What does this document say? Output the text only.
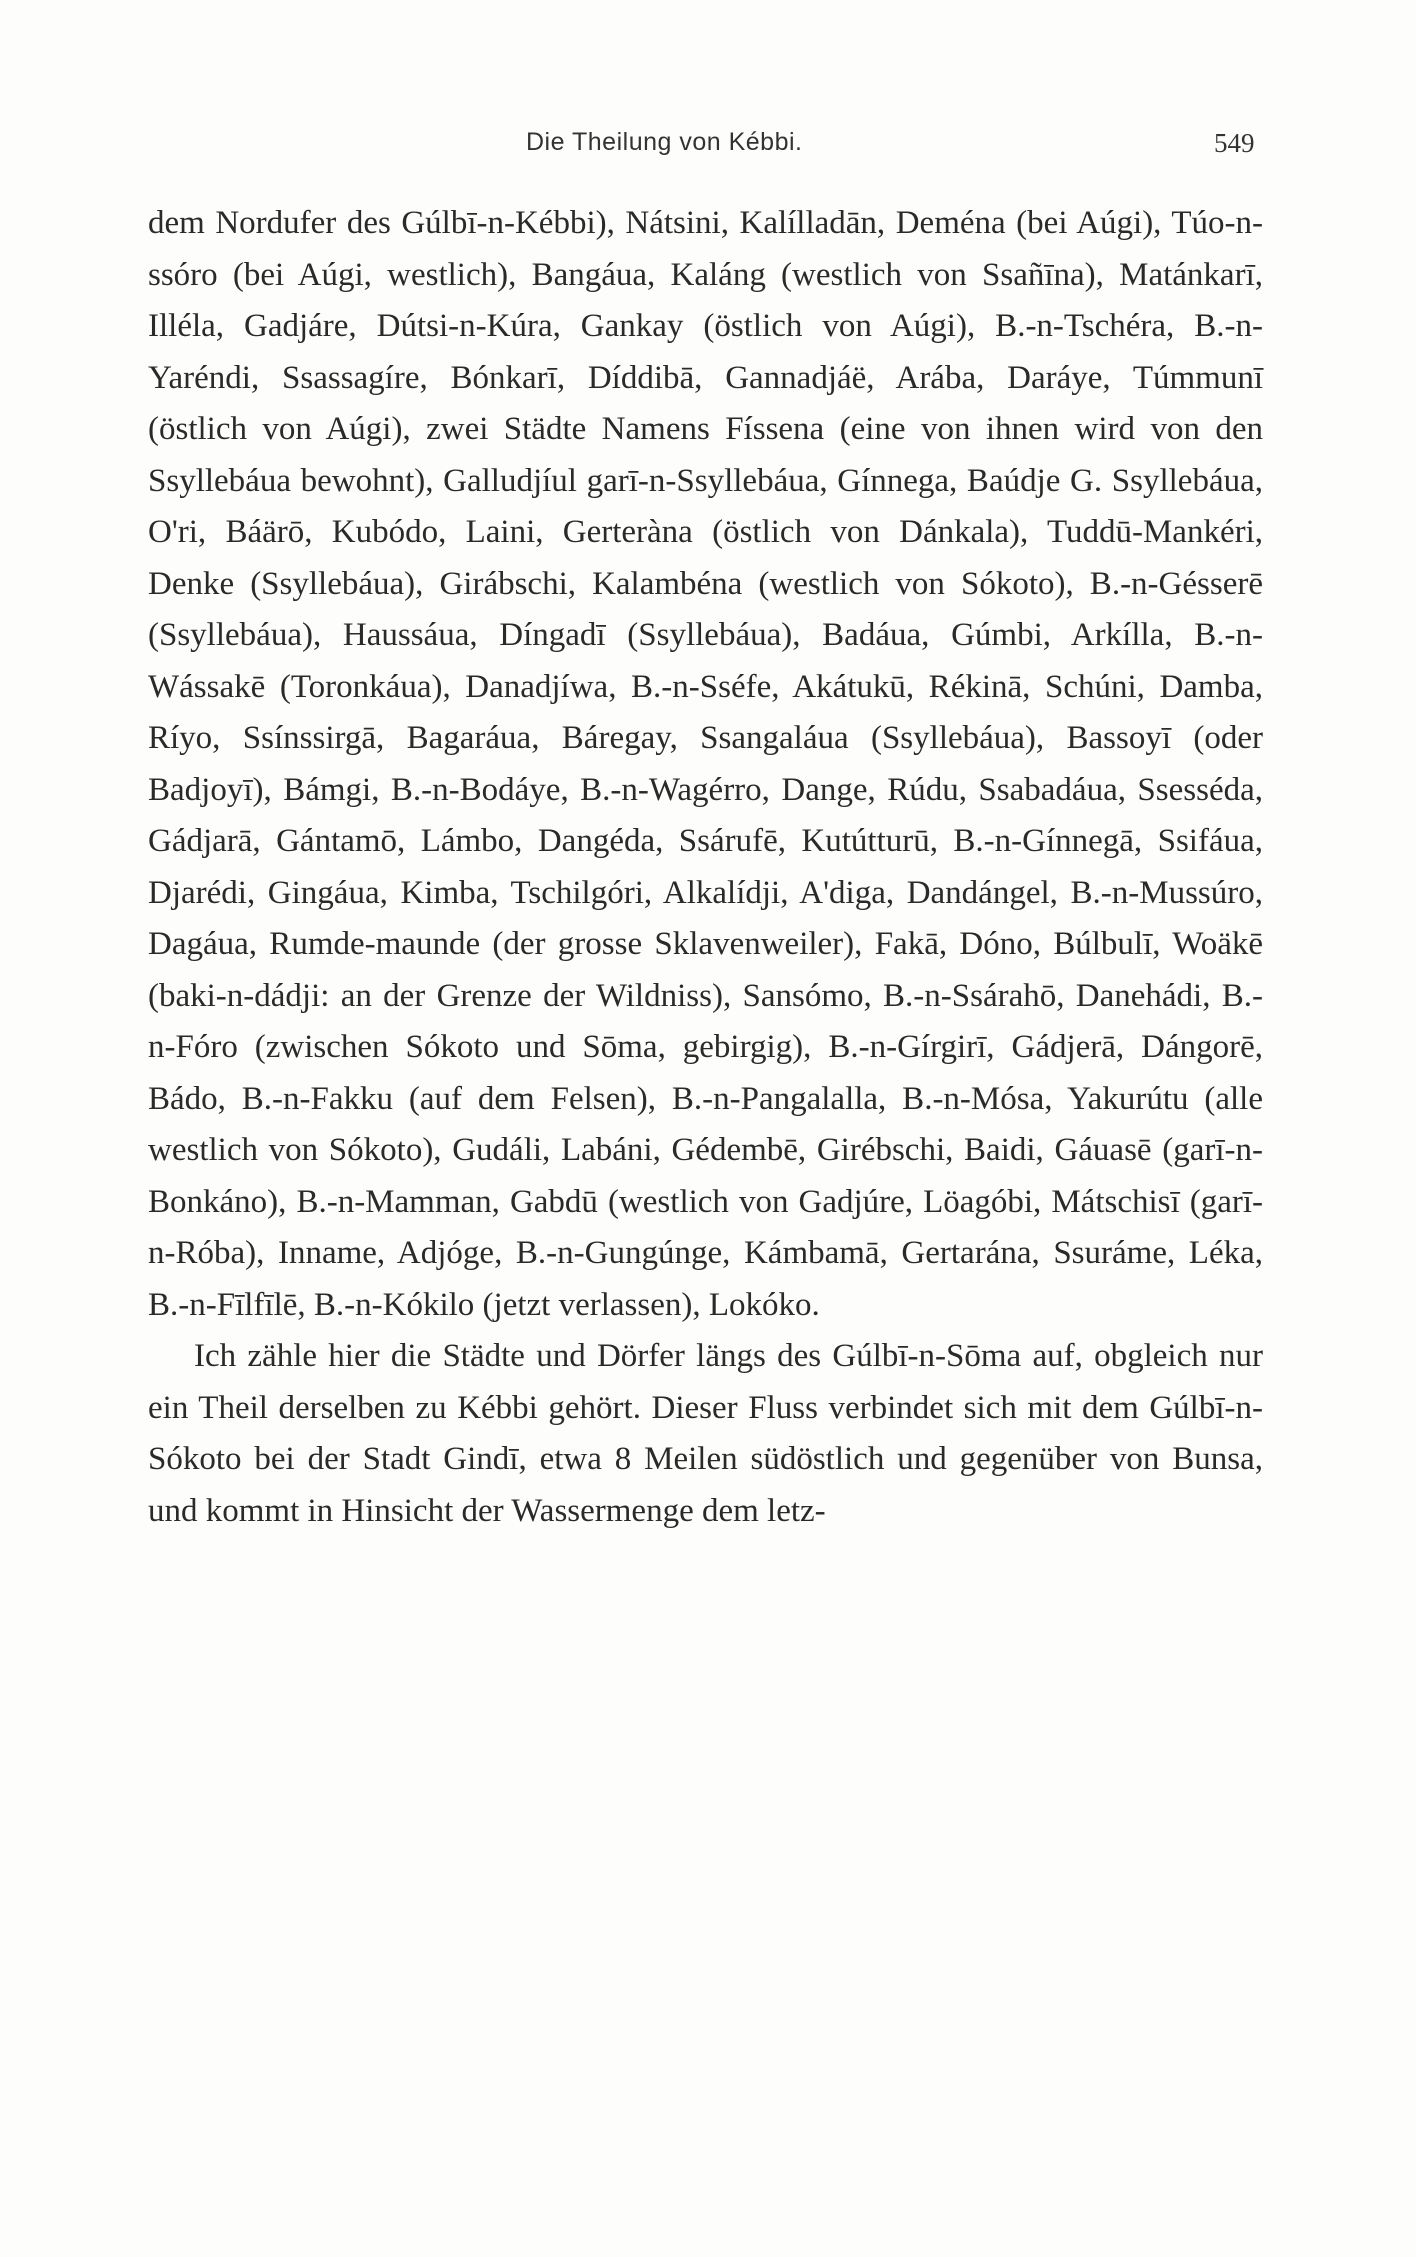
Die Theilung von Kébbi.	549

dem Nordufer des Gúlbī-n-Kébbi), Nátsini, Kalílladān, Deména (bei Aúgi), Túo-n-ssóro (bei Aúgi, westlich), Bangáua, Kaláng (westlich von Ssañīna), Matánkarī, Illéla, Gadjáre, Dútsi-n-Kúra, Gankay (östlich von Aúgi), B.-n-Tschéra, B.-n-Yaréndi, Ssassagíre, Bónkarī, Díddibā, Gannadjáë, Arába, Daráye, Túmmunī (östlich von Aúgi), zwei Städte Namens Físsena (eine von ihnen wird von den Ssyllebáua bewohnt), Galludjíul garī-n-Ssyllebáua, Gínnega, Baúdje G. Ssyllebáua, O'ri, Báärō, Kubódo, Laini, Gerteràna (östlich von Dánkala), Tuddū-Mankéri, Denke (Ssyllebáua), Girábschi, Kalambéna (westlich von Sókoto), B.-n-Gésserē (Ssyllebáua), Haussáua, Díngadī (Ssyllebáua), Badáua, Gúmbi, Arkílla, B.-n-Wássakē (Toronkáua), Danadjíwa, B.-n-Sséfe, Akátukū, Rékinā, Schúni, Damba, Ríyo, Ssínssirgā, Bagaráua, Báregay, Ssangaláua (Ssyllebáua), Bassoyī (oder Badjoyī), Bámgi, B.-n-Bodáye, B.-n-Wagérro, Dange, Rúdu, Ssabadáua, Ssesséda, Gádjarā, Gántamō, Lámbo, Dangéda, Ssárufē, Kutútturū, B.-n-Gínnegā, Ssifáua, Djarédi, Gingáua, Kimba, Tschilgóri, Alkalídji, A'diga, Dandángel, B.-n-Mussúro, Dagáua, Rumde-maunde (der grosse Sklavenweiler), Fakā, Dóno, Búlbulī, Woäkē (baki-n-dádji: an der Grenze der Wildniss), Sansómo, B.-n-Ssárahō, Danehádi, B.-n-Fóro (zwischen Sókoto und Sōma, gebirgig), B.-n-Gírgirī, Gádjerā, Dángorē, Bádo, B.-n-Fakku (auf dem Felsen), B.-n-Pangalalla, B.-n-Mósa, Yakurútu (alle westlich von Sókoto), Gudáli, Labáni, Gédembē, Girébschi, Baidi, Gáuasē (garī-n-Bonkáno), B.-n-Mamman, Gabdū (westlich von Gadjúre, Löagóbi, Mátschisī (garī-n-Róba), Inname, Adjóge, B.-n-Gungúnge, Kámbamā, Gertarána, Ssuráme, Léka, B.-n-Fīlfīlē, B.-n-Kókilo (jetzt verlassen), Lokóko.

Ich zähle hier die Städte und Dörfer längs des Gúlbī-n-Sōma auf, obgleich nur ein Theil derselben zu Kébbi gehört. Dieser Fluss verbindet sich mit dem Gúlbī-n-Sókoto bei der Stadt Gindī, etwa 8 Meilen südöstlich und gegenüber von Bunsa, und kommt in Hinsicht der Wassermenge dem letz-
